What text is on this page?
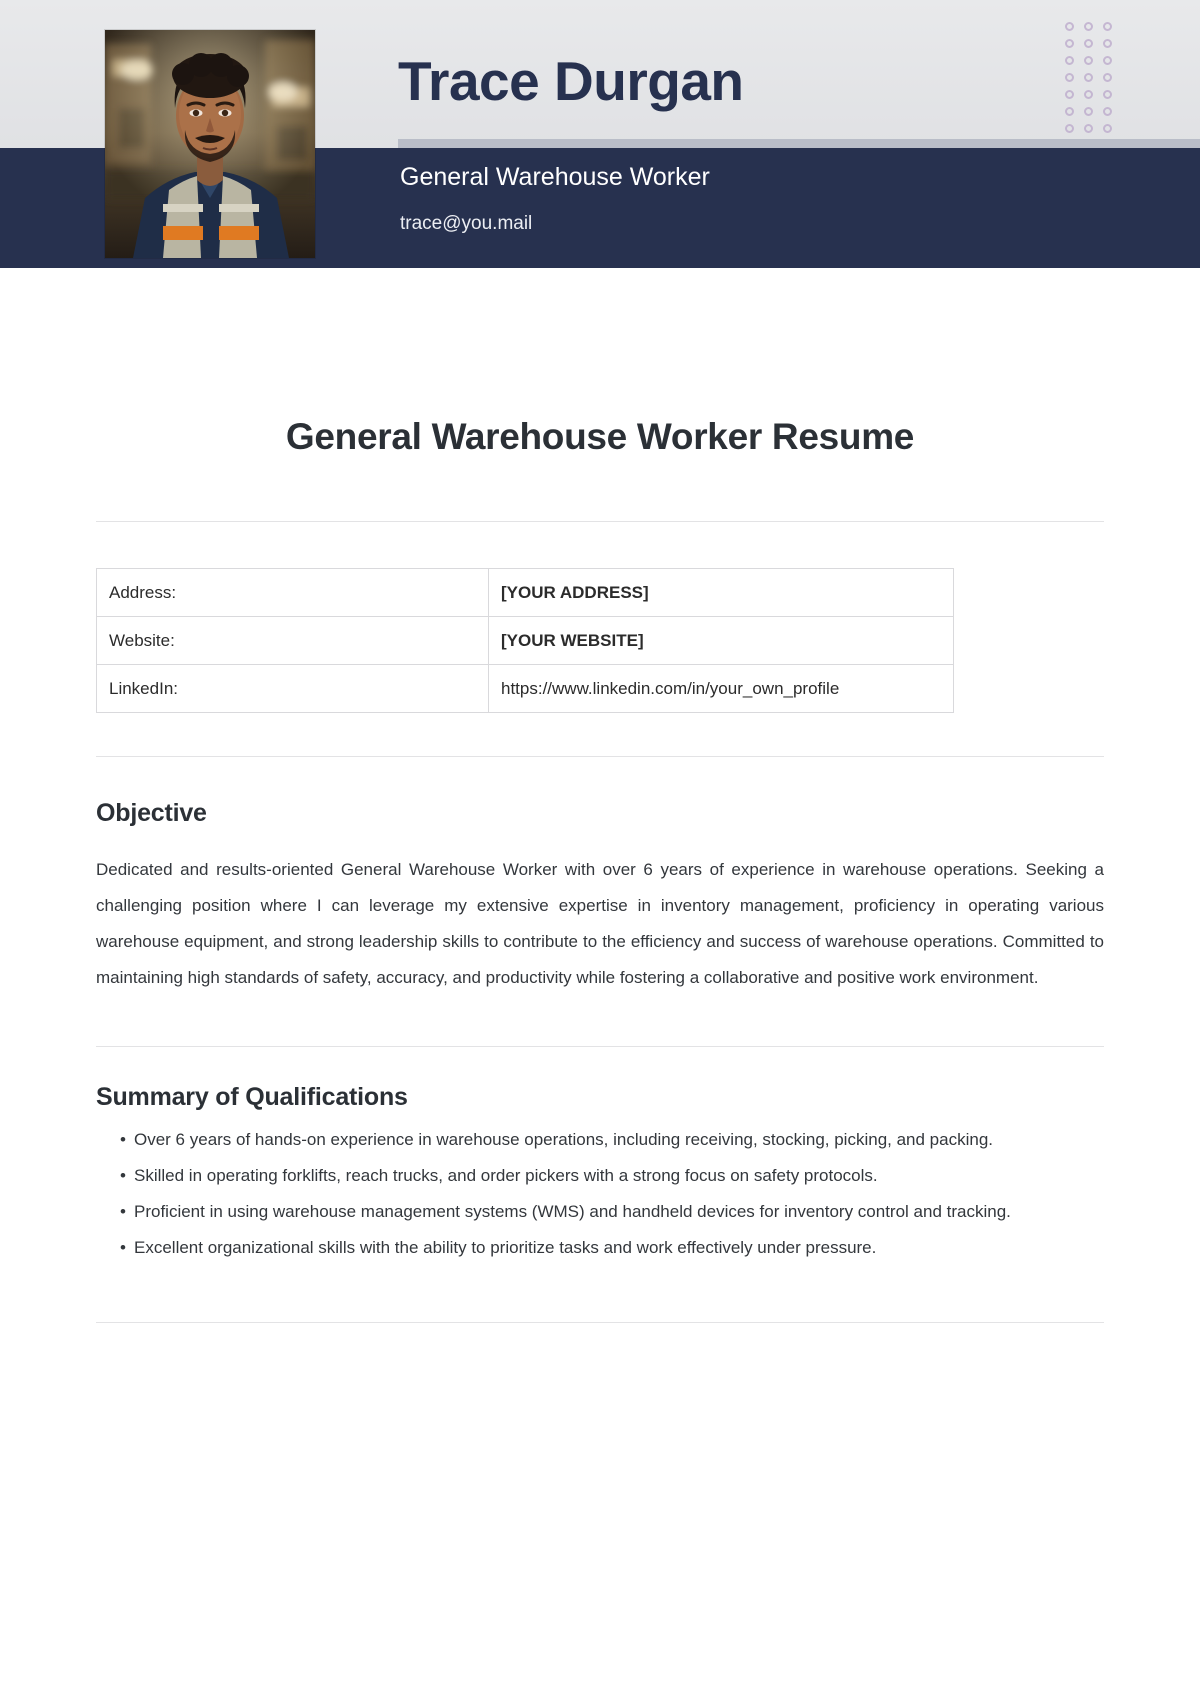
Trace Durgan
General Warehouse Worker
trace@you.mail
General Warehouse Worker Resume
Address:	[YOUR ADDRESS]
Website:	[YOUR WEBSITE]
LinkedIn:	https://www.linkedin.com/in/your_own_profile
Objective

Dedicated and results-oriented General Warehouse Worker with over 6 years of experience in warehouse operations. Seeking a challenging position where I can leverage my extensive expertise in inventory management, proficiency in operating various warehouse equipment, and strong leadership skills to contribute to the efficiency and success of warehouse operations. Committed to maintaining high standards of safety, accuracy, and productivity while fostering a collaborative and positive work environment.

Summary of Qualifications
• Over 6 years of hands-on experience in warehouse operations, including receiving, stocking, picking, and packing.
• Skilled in operating forklifts, reach trucks, and order pickers with a strong focus on safety protocols.
• Proficient in using warehouse management systems (WMS) and handheld devices for inventory control and tracking.
• Excellent organizational skills with the ability to prioritize tasks and work effectively under pressure.
